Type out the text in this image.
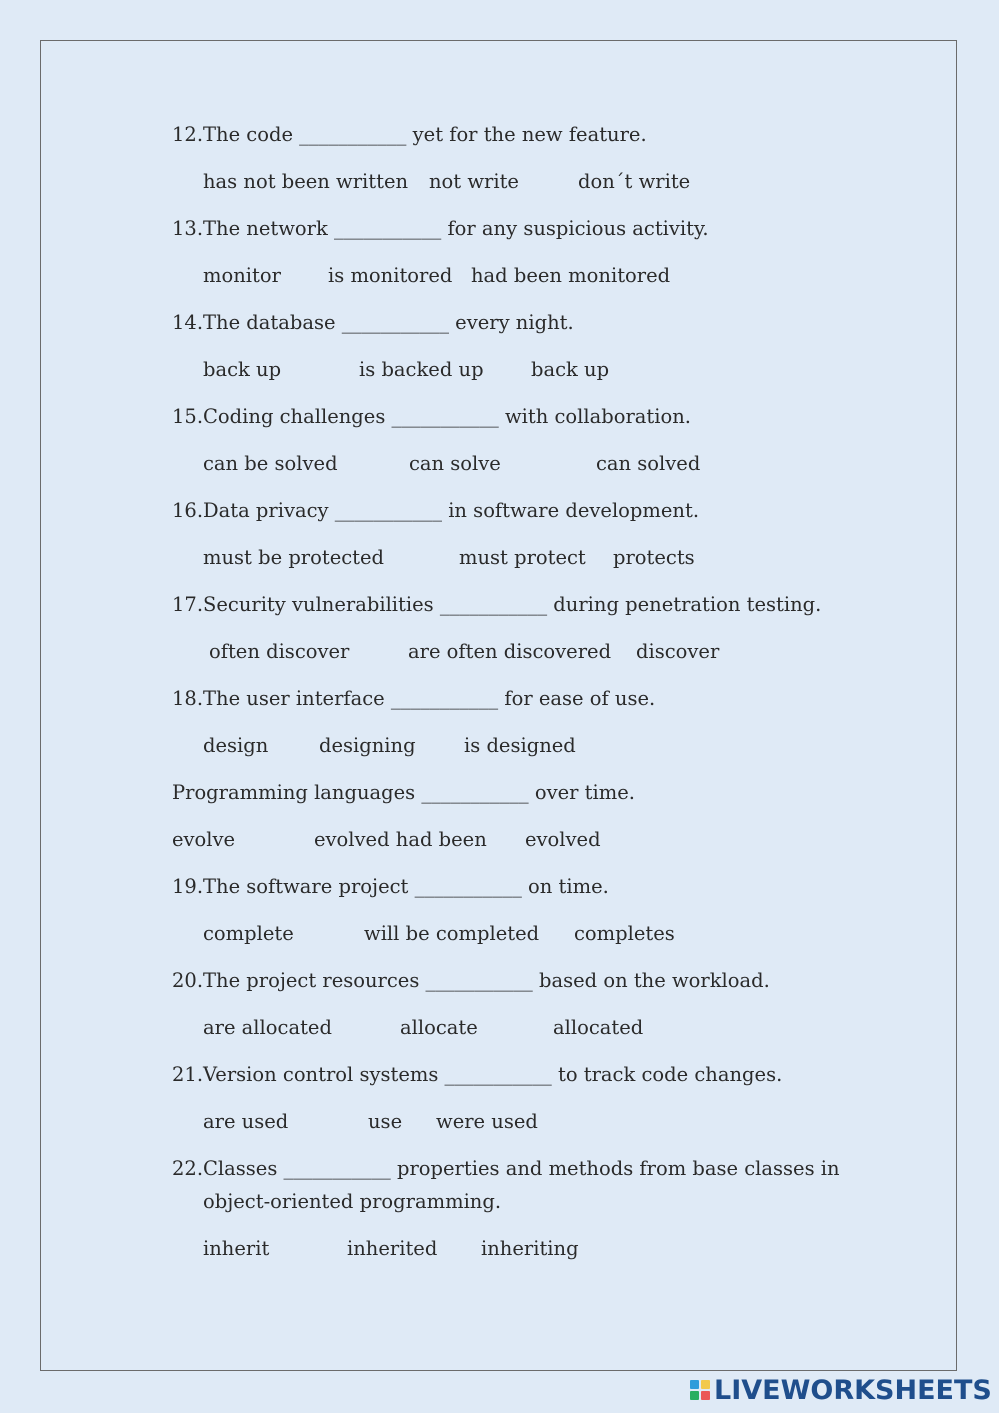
12. The code ___________ yet for the new feature.
has not been written not write	don´t write
13. The network ___________ for any suspicious activity.
monitor is monitored had been monitored
14. The database ___________ every night.
back up	is backed up back up
15. Coding challenges ___________ with collaboration.
can be solved	can solve	can solved
16. Data privacy ___________ in software development.
must be protected	must protect protects
17. Security vulnerabilities ___________ during penetration testing.
often discover	are often discovered discover
18. The user interface ___________ for ease of use.
design	designing is designed
Programming languages ___________ over time.
evolve	evolved had been evolved
19. The software project ___________ on time.
complete	will be completed completes
20. The project resources ___________ based on the workload.
are allocated	allocate	allocated
21. Version control systems ___________ to track code changes.
are used	use were used
22. Classes ___________ properties and methods from base classes in
object-oriented programming.
inherit	inherited inheriting
LIVEWORKSHEETS
